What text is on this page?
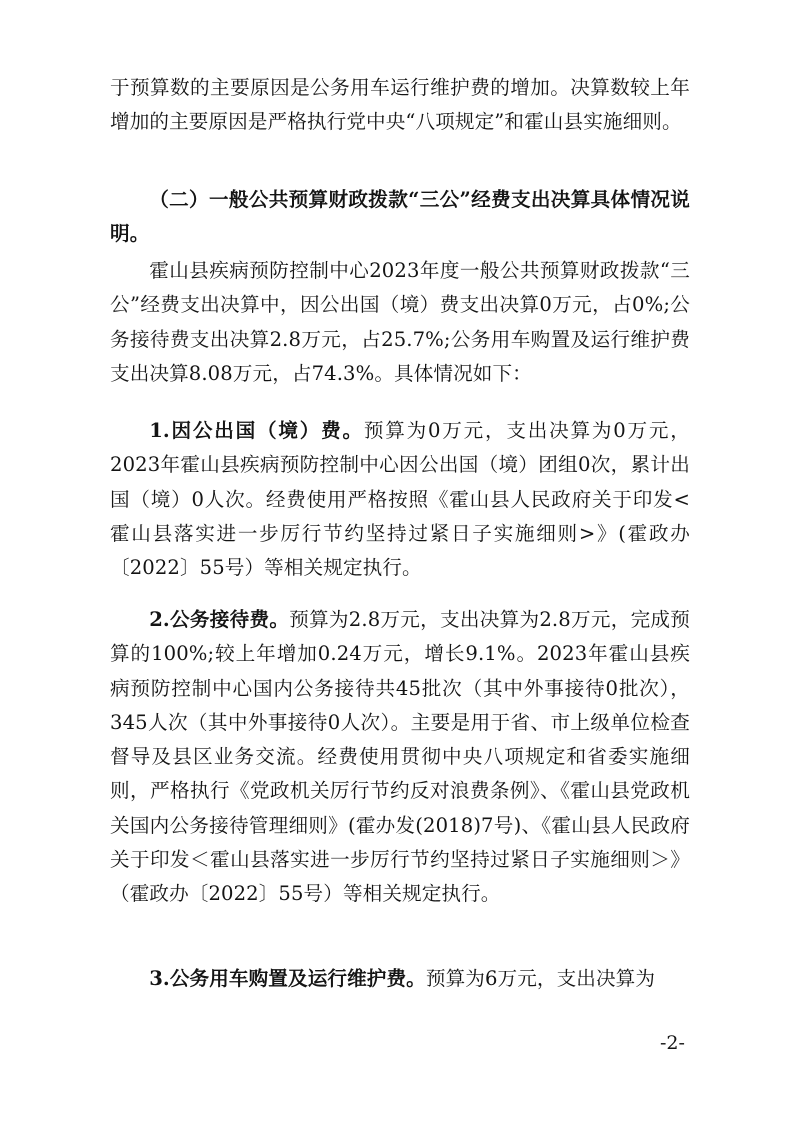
于预算数的主要原因是公务用车运行维护费的增加。决算数较上年增加的主要原因是严格执行党中央“八项规定”和霍山县实施细则。

（二）一般公共预算财政拨款“三公”经费支出决算具体情况说明。

霍山县疾病预防控制中心2023年度一般公共预算财政拨款“三公”经费支出决算中，因公出国（境）费支出决算0万元，占0%;公务接待费支出决算2.8万元，占25.7%;公务用车购置及运行维护费支出决算8.08万元，占74.3%。具体情况如下：

1.因公出国（境）费。预算为0万元，支出决算为0万元，2023年霍山县疾病预防控制中心因公出国（境）团组0次，累计出国（境）0人次。经费使用严格按照《霍山县人民政府关于印发<霍山县落实进一步厉行节约坚持过紧日子实施细则>》(霍政办〔2022〕55号）等相关规定执行。

2.公务接待费。预算为2.8万元，支出决算为2.8万元，完成预算的100%;较上年增加0.24万元，增长9.1%。2023年霍山县疾病预防控制中心国内公务接待共45批次（其中外事接待0批次），345人次（其中外事接待0人次）。主要是用于省、市上级单位检查督导及县区业务交流。经费使用贯彻中央八项规定和省委实施细则，严格执行《党政机关厉行节约反对浪费条例》、《霍山县党政机关国内公务接待管理细则》(霍办发(2018)7号)、《霍山县人民政府关于印发＜霍山县落实进一步厉行节约坚持过紧日子实施细则＞》（霍政办〔2022〕55号）等相关规定执行。

3.公务用车购置及运行维护费。预算为6万元，支出决算为

-2-
